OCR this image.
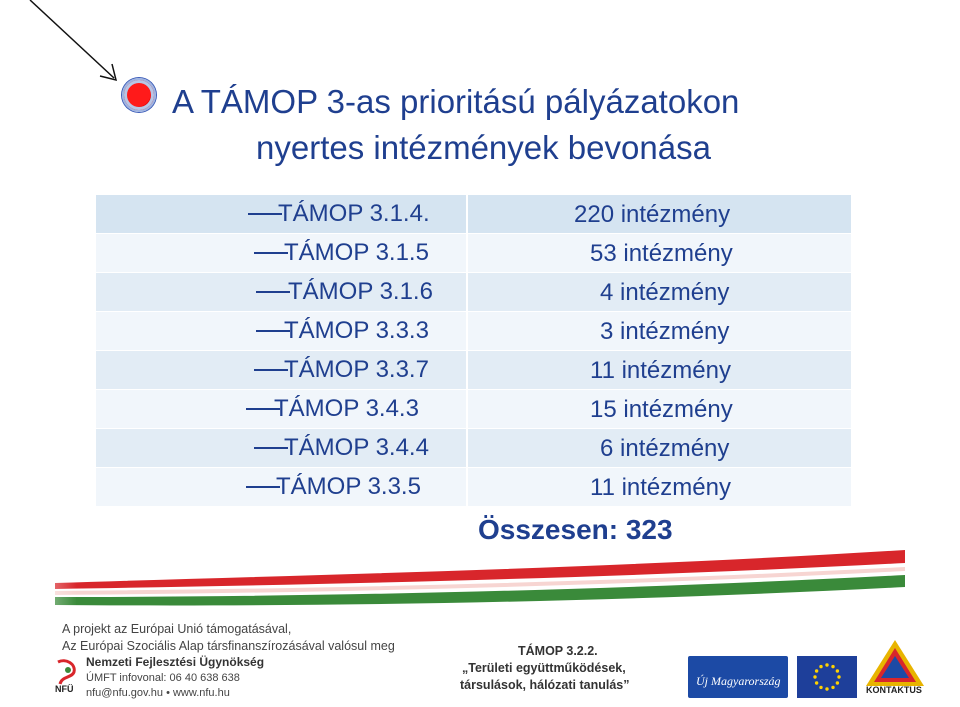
A TÁMOP 3-as prioritású pályázatokon
nyertes intézmények bevonása
TÁMOP 3.1.4.	220 intézmény
TÁMOP 3.1.5	53 intézmény
TÁMOP 3.1.6	4 intézmény
TÁMOP 3.3.3	3 intézmény
TÁMOP 3.3.7	11 intézmény
TÁMOP 3.4.3	15 intézmény
TÁMOP 3.4.4	6 intézmény
TÁMOP 3.3.5	11 intézmény
Összesen: 323
A projekt az Európai Unió támogatásával,
Az Európai Szociális Alap társfinanszírozásával valósul meg
NFÜ
Nemzeti Fejlesztési Ügynökség
ÚMFT infovonal: 06 40 638 638
nfu@nfu.gov.hu • www.nfu.hu
TÁMOP 3.2.2.
„Területi együttműködések,
társulások, hálózati tanulás”	Új Magyarország
KONTAKTUS
